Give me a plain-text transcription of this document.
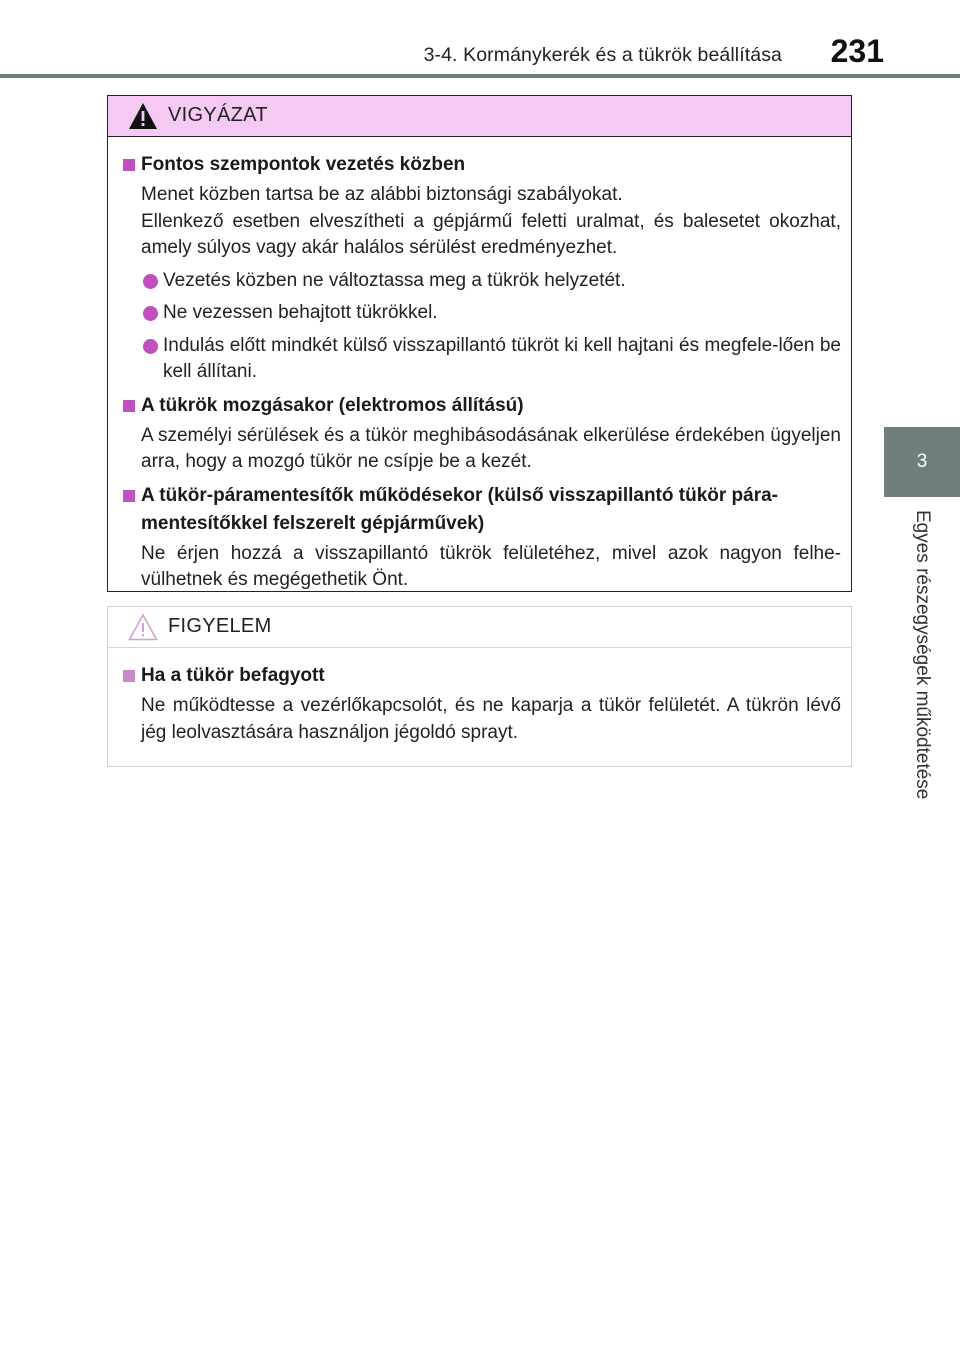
3-4. Kormánykerék és a tükrök beállítása 231
3
Egyes részegységek működtetése
VIGYÁZAT
Fontos szempontok vezetés közben
Menet közben tartsa be az alábbi biztonsági szabályokat.
Ellenkező esetben elveszítheti a gépjármű feletti uralmat, és balesetet okozhat, amely súlyos vagy akár halálos sérülést eredményezhet.
Vezetés közben ne változtassa meg a tükrök helyzetét.
Ne vezessen behajtott tükrökkel.
Indulás előtt mindkét külső visszapillantó tükröt ki kell hajtani és megfele-lően be kell állítani.
A tükrök mozgásakor (elektromos állítású)
A személyi sérülések és a tükör meghibásodásának elkerülése érdekében ügyeljen arra, hogy a mozgó tükör ne csípje be a kezét.
A tükör-páramentesítők működésekor (külső visszapillantó tükör pára-mentesítőkkel felszerelt gépjárművek)
Ne érjen hozzá a visszapillantó tükrök felületéhez, mivel azok nagyon felhe-vülhetnek és megégethetik Önt.
FIGYELEM
Ha a tükör befagyott
Ne működtesse a vezérlőkapcsolót, és ne kaparja a tükör felületét. A tükrön lévő jég leolvasztására használjon jégoldó sprayt.
